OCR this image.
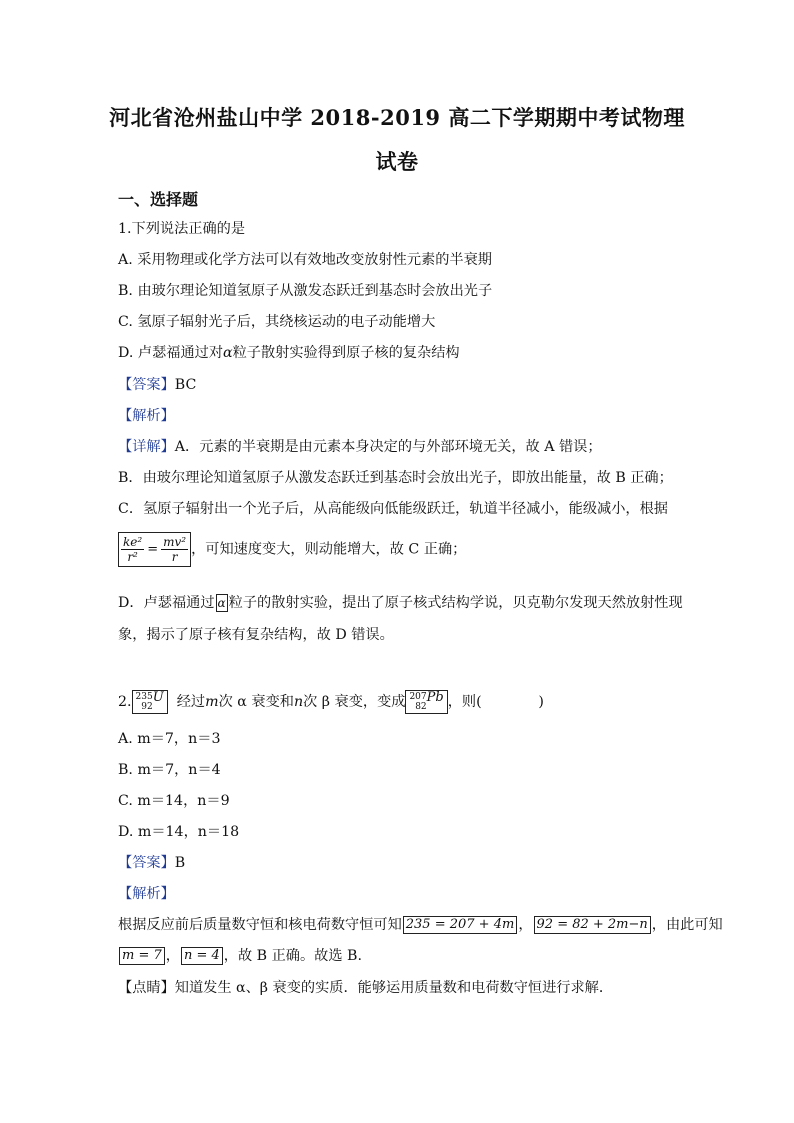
河北省沧州盐山中学 2018-2019 高二下学期期中考试物理
试卷
一、选择题
1.下列说法正确的是
A. 采用物理或化学方法可以有效地改变放射性元素的半衰期
B. 由玻尔理论知道氢原子从激发态跃迁到基态时会放出光子
C. 氢原子辐射光子后，其绕核运动的电子动能增大
D. 卢瑟福通过对α粒子散射实验得到原子核的复杂结构
【答案】BC
【解析】
【详解】A．元素的半衰期是由元素本身决定的与外部环境无关，故 A 错误；
B．由玻尔理论知道氢原子从激发态跃迁到基态时会放出光子，即放出能量，故 B 正确；
C．氢原子辐射出一个光子后，从高能级向低能级跃迁，轨道半径减小，能级减小，根据
$\frac{\text{ke²}}{\text{r²}} = \frac{\text{mv²}}{r}$ ，可知速度变大，则动能增大，故 C 正确；
D．卢瑟福通过 α 粒子的散射实验，提出了原子核式结构学说，贝克勒尔发现天然放射性现
象，揭示了原子核有复杂结构，故 D 错误。
2. 235
92U 经过m次 α 衰变和n次 β 衰变，变成 207
82Pb ，则(　　　　)
A. m＝7，n＝3
B. m＝7，n＝4
C. m＝14，n＝9
D. m＝14，n＝18
【答案】B
【解析】
根据反应前后质量数守恒和核电荷数守恒可知 235 = 207 + 4m ， 92 = 82 + 2m−n ，由此可知
m = 7 ， n = 4 ，故 B 正确。故选 B.
【点睛】知道发生 α、β 衰变的实质．能够运用质量数和电荷数守恒进行求解．
